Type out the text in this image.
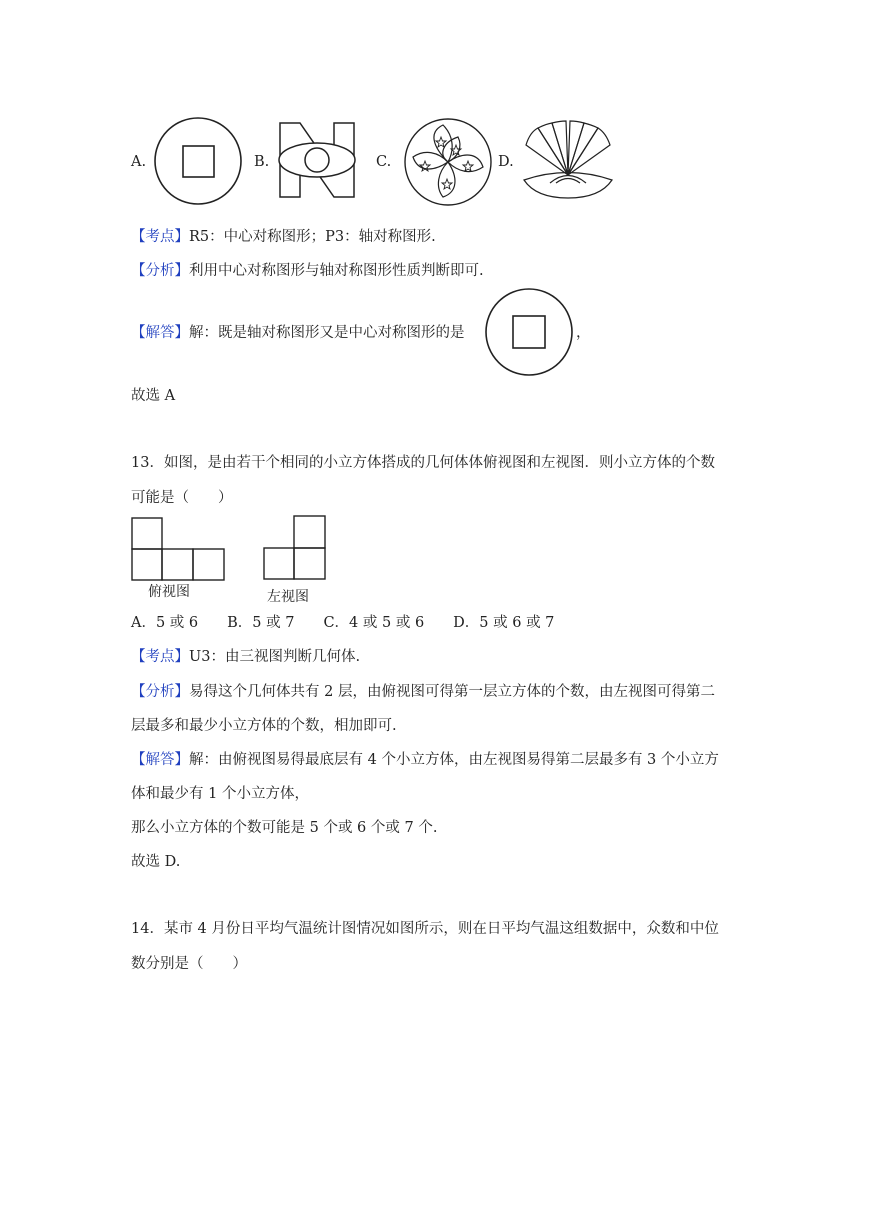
A.	B.	C.	D.
【考点】R5：中心对称图形；P3：轴对称图形.
【分析】利用中心对称图形与轴对称图形性质判断即可.
【解答】解：既是轴对称图形又是中心对称图形的是	，
故选 A
13．如图，是由若干个相同的小立方体搭成的几何体体俯视图和左视图．则小立方体的个数
可能是（　　）
俯视图	左视图
A．5 或 6　　B．5 或 7　　C．4 或 5 或 6　　D．5 或 6 或 7
【考点】U3：由三视图判断几何体.
【分析】易得这个几何体共有 2 层，由俯视图可得第一层立方体的个数，由左视图可得第二
层最多和最少小立方体的个数，相加即可.
【解答】解：由俯视图易得最底层有 4 个小立方体，由左视图易得第二层最多有 3 个小立方
体和最少有 1 个小立方体，
那么小立方体的个数可能是 5 个或 6 个或 7 个.
故选 D.
14．某市 4 月份日平均气温统计图情况如图所示，则在日平均气温这组数据中，众数和中位
数分别是（　　）
